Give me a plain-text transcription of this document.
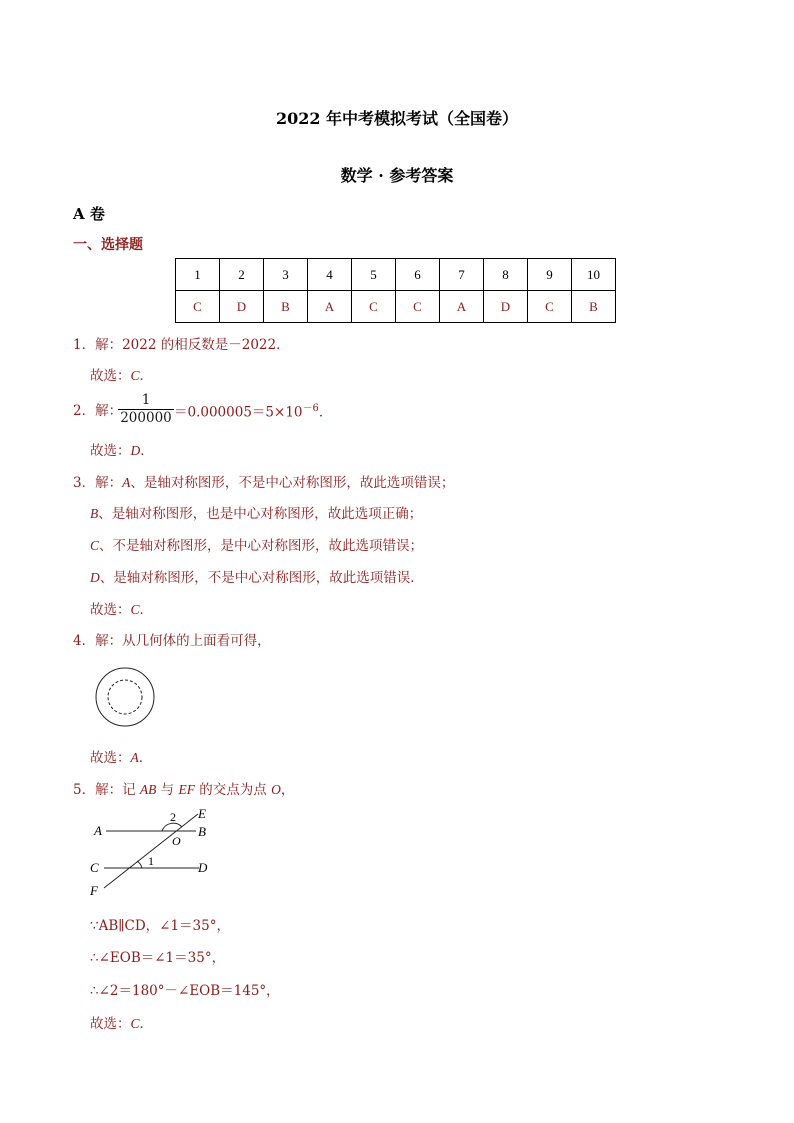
2022 年中考模拟考试（全国卷）
数学 · 参考答案
A 卷
一、选择题
1	2	3	4	5	6	7	8	9	10
C	D	B	A	C	C	A	D	C	B
1．解：2022 的相反数是－2022．
故选：C．
2．解：
1
$200000 =0.000005=5\times 10^{-6}$．
故选：D．
3．解：A、是轴对称图形，不是中心对称图形，故此选项错误；
B、是轴对称图形，也是中心对称图形，故此选项正确；
C、不是轴对称图形，是中心对称图形，故此选项错误；
D、是轴对称图形，不是中心对称图形，故此选项错误．
故选：C．
4．解：从几何体的上面看可得，
故选：A．
5．解：记 AB 与 EF 的交点为点 O，
A	B
C	D
E
F
O
1
2
∵AB∥CD，∠1＝35°，
∴∠EOB＝∠1＝35°，
∴∠2＝180°－∠EOB＝145°，
故选：C．
